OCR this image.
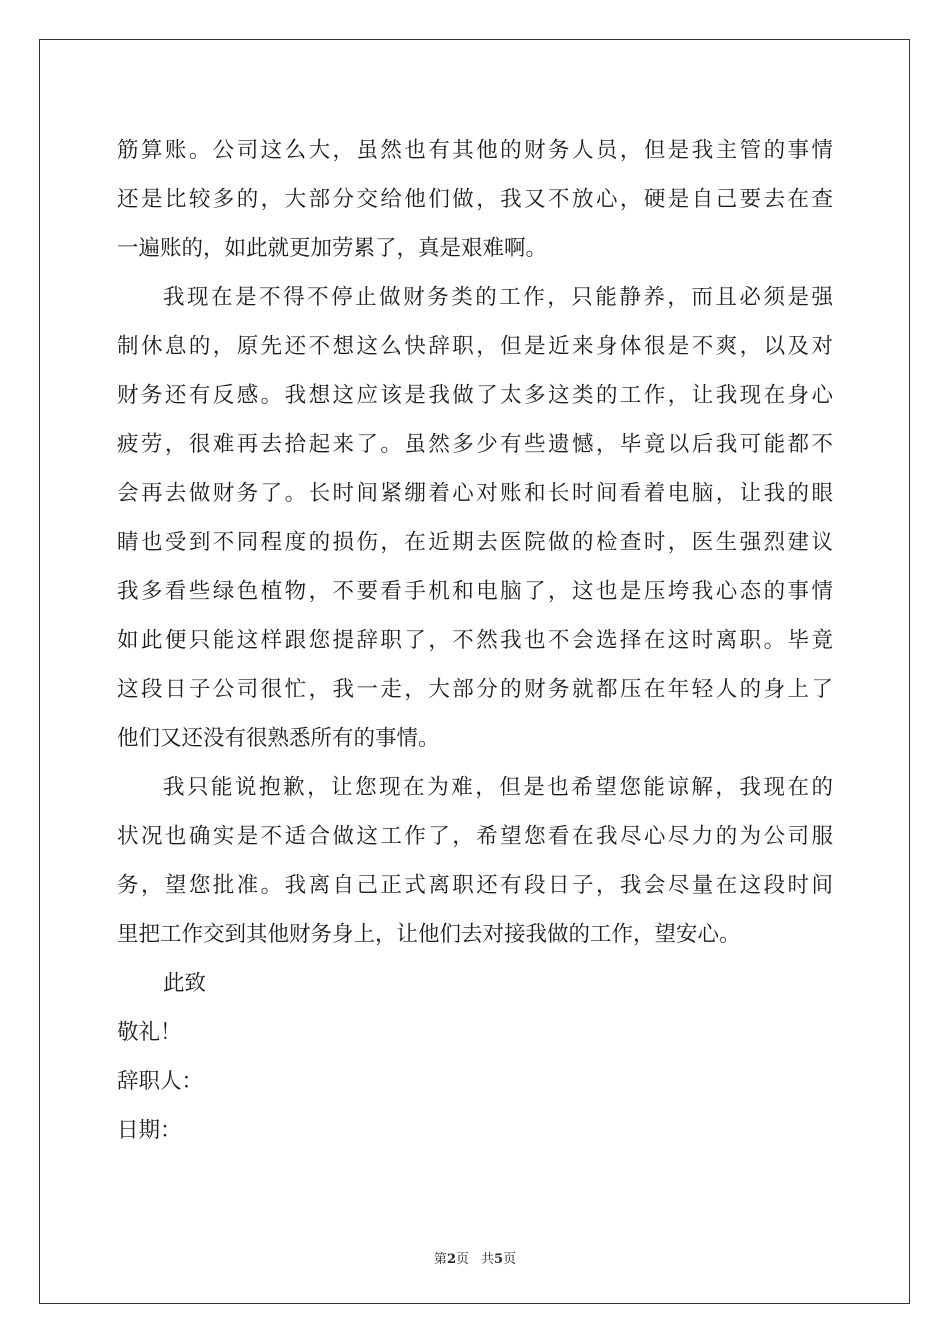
筋算账。公司这么大，虽然也有其他的财务人员，但是我主管的事情
还是比较多的，大部分交给他们做，我又不放心，硬是自己要去在查
一遍账的，如此就更加劳累了，真是艰难啊。
我现在是不得不停止做财务类的工作，只能静养，而且必须是强
制休息的，原先还不想这么快辞职，但是近来身体很是不爽，以及对
财务还有反感。我想这应该是我做了太多这类的工作，让我现在身心
疲劳，很难再去拾起来了。虽然多少有些遗憾，毕竟以后我可能都不
会再去做财务了。长时间紧绷着心对账和长时间看着电脑，让我的眼
睛也受到不同程度的损伤，在近期去医院做的检查时，医生强烈建议
我多看些绿色植物，不要看手机和电脑了，这也是压垮我心态的事情
如此便只能这样跟您提辞职了，不然我也不会选择在这时离职。毕竟
这段日子公司很忙，我一走，大部分的财务就都压在年轻人的身上了
他们又还没有很熟悉所有的事情。
我只能说抱歉，让您现在为难，但是也希望您能谅解，我现在的
状况也确实是不适合做这工作了，希望您看在我尽心尽力的为公司服
务，望您批准。我离自己正式离职还有段日子，我会尽量在这段时间
里把工作交到其他财务身上，让他们去对接我做的工作，望安心。
此致
敬礼！
辞职人：
日期：
第2页 共5页
